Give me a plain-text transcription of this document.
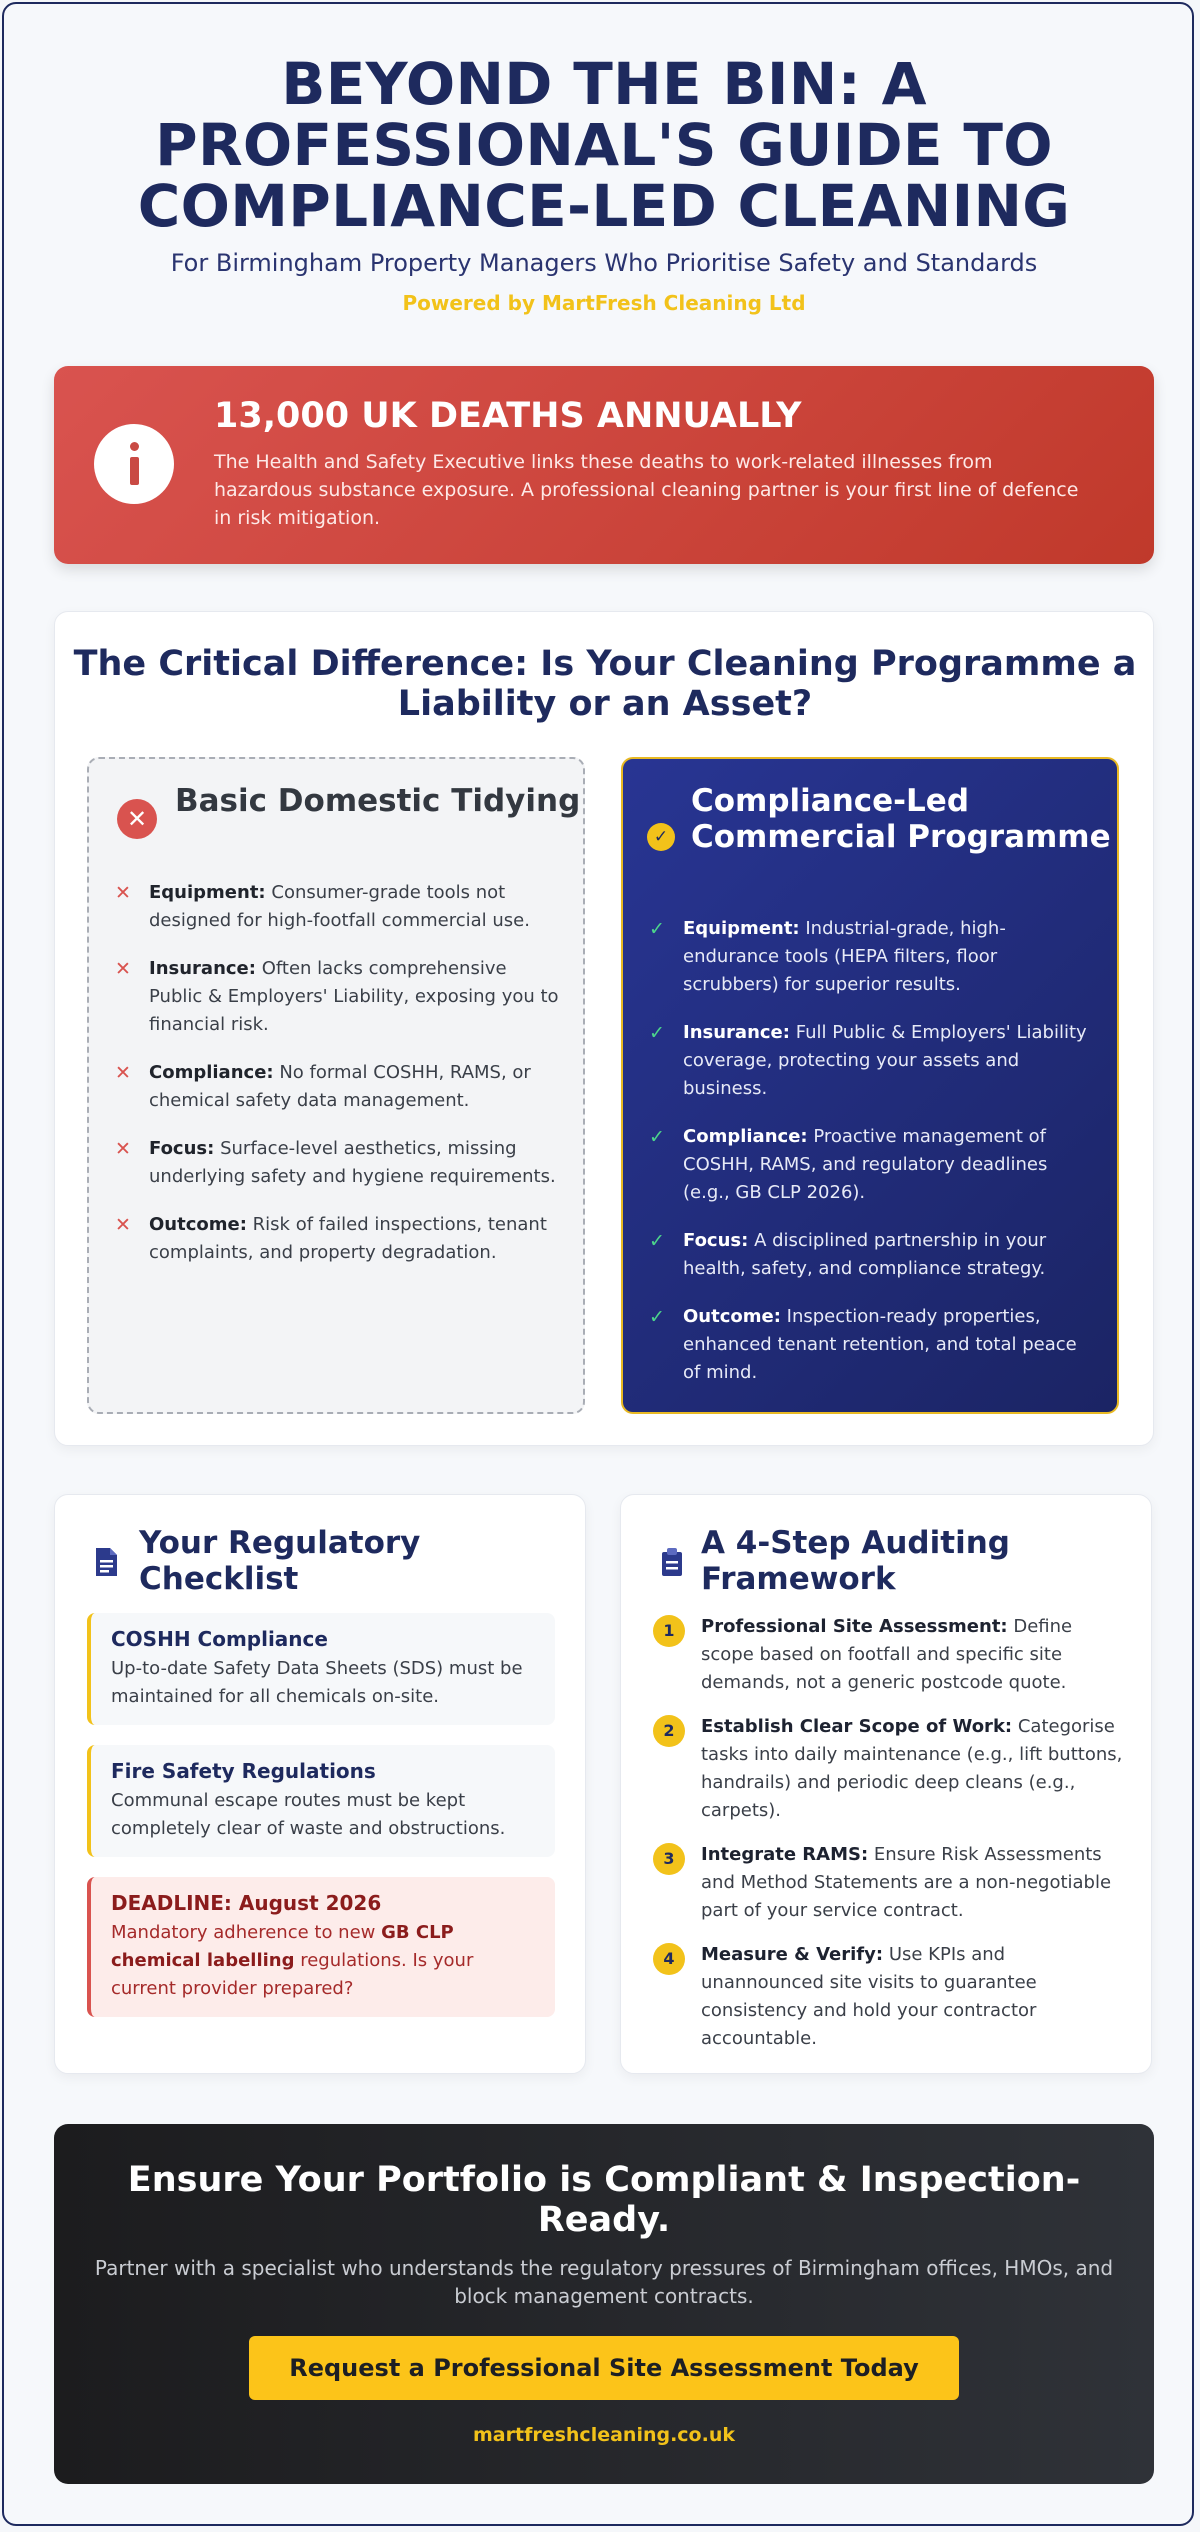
BEYOND THE BIN: A PROFESSIONAL'S GUIDE TO COMPLIANCE-LED CLEANING
For Birmingham Property Managers Who Prioritise Safety and Standards
Powered by MartFresh Cleaning Ltd
13,000 UK DEATHS ANNUALLY
The Health and Safety Executive links these deaths to work-related illnesses from hazardous substance exposure. A professional cleaning partner is your first line of defence in risk mitigation.
The Critical Difference: Is Your Cleaning Programme a Liability or an Asset?
✕ Basic Domestic Tidying
✕ Equipment: Consumer-grade tools not designed for high-footfall commercial use.
✕ Insurance: Often lacks comprehensive Public & Employers' Liability, exposing you to financial risk.
✕ Compliance: No formal COSHH, RAMS, or chemical safety data management.
✕ Focus: Surface-level aesthetics, missing underlying safety and hygiene requirements.
✕ Outcome: Risk of failed inspections, tenant complaints, and property degradation.
✓
Compliance-Led Commercial Programme
✓ Equipment: Industrial-grade, high-endurance tools (HEPA filters, floor scrubbers) for superior results.
✓ Insurance: Full Public & Employers' Liability coverage, protecting your assets and business.
✓ Compliance: Proactive management of COSHH, RAMS, and regulatory deadlines (e.g., GB CLP 2026).
✓ Focus: A disciplined partnership in your health, safety, and compliance strategy.
✓ Outcome: Inspection-ready properties, enhanced tenant retention, and total peace of mind.
Your Regulatory Checklist
COSHH Compliance
Up-to-date Safety Data Sheets (SDS) must be maintained for all chemicals on-site.
Fire Safety Regulations
Communal escape routes must be kept completely clear of waste and obstructions.
DEADLINE: August 2026
Mandatory adherence to new GB CLP chemical labelling regulations. Is your current provider prepared?
A 4-Step Auditing Framework
1	Professional Site Assessment: Define scope based on footfall and specific site demands, not a generic postcode quote.
2	Establish Clear Scope of Work: Categorise tasks into daily maintenance (e.g., lift buttons, handrails) and periodic deep cleans (e.g., carpets).
3	Integrate RAMS: Ensure Risk Assessments and Method Statements are a non-negotiable part of your service contract.
4	Measure & Verify: Use KPIs and unannounced site visits to guarantee consistency and hold your contractor accountable.
Ensure Your Portfolio is Compliant & Inspection-Ready.
Partner with a specialist who understands the regulatory pressures of Birmingham offices, HMOs, and block management contracts.
Request a Professional Site Assessment Today
martfreshcleaning.co.uk
